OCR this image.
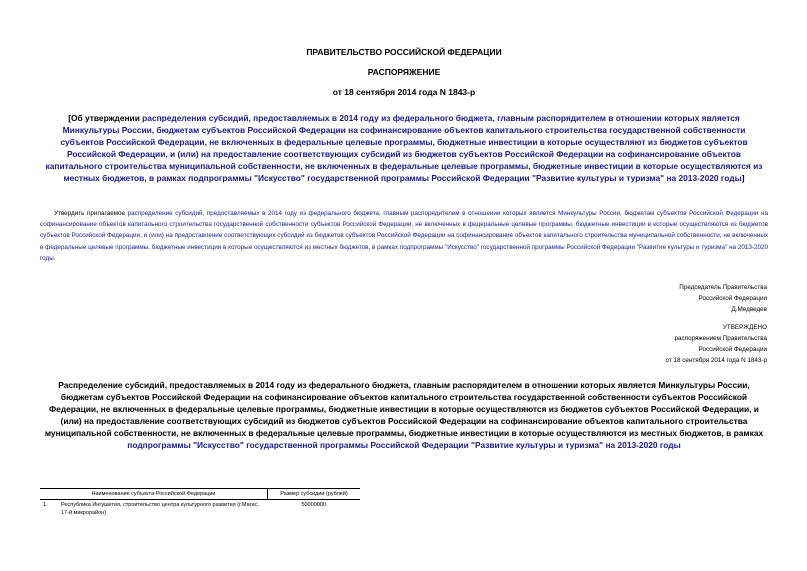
ПРАВИТЕЛЬСТВО РОССИЙСКОЙ ФЕДЕРАЦИИ
РАСПОРЯЖЕНИЕ
от 18 сентября 2014 года N 1843-р
[Об утверждении распределения субсидий, предоставляемых в 2014 году из федерального бюджета, главным распорядителем в отношении которых является Минкультуры России, бюджетам субъектов Российской Федерации на софинансирование объектов капитального строительства государственной собственности субъектов Российской Федерации, не включенных в федеральные целевые программы, бюджетные инвестиции в которые осуществляют из бюджетов субъектов Российской Федерации, и (или) на предоставление соответствующих субсидий из бюджетов субъектов Российской Федерации на софинансирование объектов капитального строительства муниципальной собственности, не включенных в федеральные целевые программы, бюджетные инвестиции в которые осуществляются из местных бюджетов, в рамках подпрограммы "Искусство" государственной программы Российской Федерации "Развитие культуры и туризма" на 2013-2020 годы]
Утвердить прилагаемое распределение субсидий, предоставляемых в 2014 году из федерального бюджета, главным распорядителем в отношении которых является Минкультуры России, бюджетам субъектов Российской Федерации на софинансирование объектов капитального строительства государственной собственности субъектов Российской Федерации, не включенных в федеральные целевые программы, бюджетные инвестиции в которые осуществляются из бюджетов субъектов Российской Федерации, и (или) на предоставление соответствующих субсидий из бюджетов субъектов Российской Федерации на софинансирование объектов капитального строительства муниципальной собственности, не включенных в федеральные целевые программы, бюджетные инвестиции в которые осуществляются из местных бюджетов, в рамках подпрограммы "Искусство" государственной программы Российской Федерации "Развитие культуры и туризма" на 2013-2020 годы.
Председатель Правительства
Российской Федерации
Д.Медведев
УТВЕРЖДЕНО
распоряжением Правительства
Российской Федерации
от 18 сентября 2014 года N 1843-р
Распределение субсидий, предоставляемых в 2014 году из федерального бюджета, главным распорядителем в отношении которых является Минкультуры России, бюджетам субъектов Российской Федерации на софинансирование объектов капитального строительства государственной собственности субъектов Российской Федерации, не включенных в федеральные целевые программы, бюджетные инвестиции в которые осуществляются из бюджетов субъектов Российской Федерации, и (или) на предоставление соответствующих субсидий из бюджетов субъектов Российской Федерации на софинансирование объектов капитального строительства муниципальной собственности, не включенных в федеральные целевые программы, бюджетные инвестиции в которые осуществляются из местных бюджетов, в рамках подпрограммы "Искусство" государственной программы Российской Федерации "Развитие культуры и туризма" на 2013-2020 годы
Наименование субъекта Российской Федерации		Размер субсидии (рублей)
1.	Республика Ингушетия, строительство центра культурного развития (г.Магас, 17-й микрорайон)	50000000
